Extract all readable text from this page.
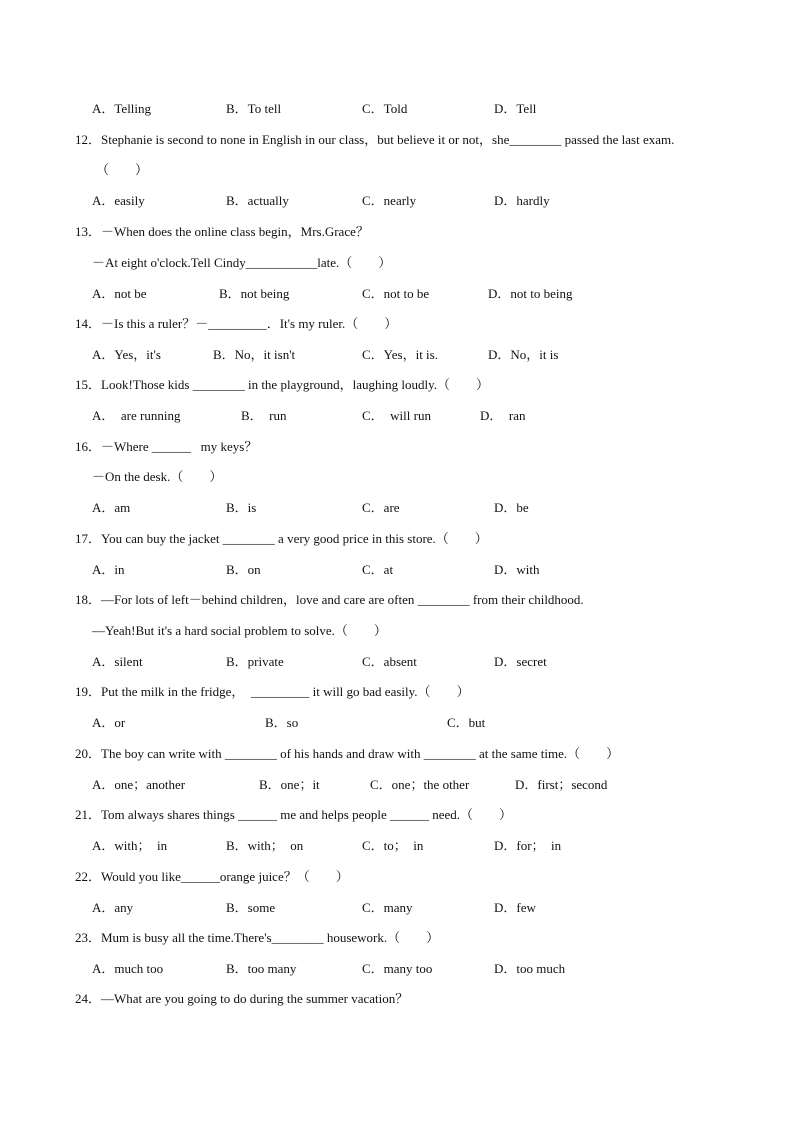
A．Telling

	B．To tell

	C．Told

	D．Tell

12．Stephanie is second to none in English in our class，but believe it or not，she________ passed the last exam.

（　　）

A．easily

	B．actually

	C．nearly

	D．hardly

13．－When does the online class begin，Mrs.Grace？

－At eight o'clock.Tell Cindy___________late.（　　）

A．not be

	B．not being

	C．not to be

	D．not to being

14．－Is this a ruler？－_________．It's my ruler.（　　）

A．Yes，it's

	B．No，it isn't

	C．Yes，it is.

	D．No，it is

15．Look!Those kids ________ in the playground，laughing loudly.（　　）

A．  are running

	B．  run

	C．  will run

	D．  ran

16．－Where ______   my keys？

－On the desk.（　　）

A．am

	B．is

	C．are

	D．be

17．You can buy the jacket ________ a very good price in this store.（　　）

A．in

	B．on

	C．at

	D．with

18．—For lots of left－behind children，love and care are often ________ from their childhood.

—Yeah!But it's a hard social problem to solve.（　　）

A．silent

	B．private

	C．absent

	D．secret

19．Put the milk in the fridge，  _________ it will go bad easily.（　　）

A．or

	B．so

	C．but

20．The boy can write with ________ of his hands and draw with ________ at the same time.（　　）

A．one；another

	B．one；it

	C．one；the other

	D．first；second

21．Tom always shares things ______ me and helps people ______ need.（　　）

A．with；  in

	B．with；  on

	C．to；  in

	D．for；  in

22．Would you like______orange juice？（　　）

A．any

	B．some

	C．many

	D．few

23．Mum is busy all the time.There's________ housework.（　　）

A．much too

	B．too many

	C．many too

	D．too much

24．—What are you going to do during the summer vacation？
